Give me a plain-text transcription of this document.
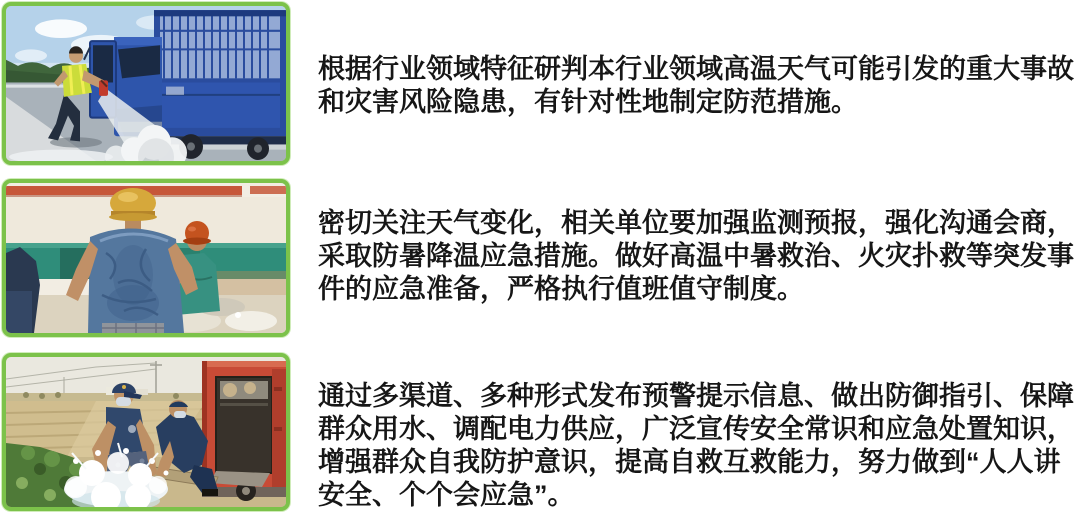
根据行业领域特征研判本行业领域高温天气可能引发的重大事故
和灾害风险隐患，有针对性地制定防范措施。
密切关注天气变化，相关单位要加强监测预报，强化沟通会商，
采取防暑降温应急措施。做好高温中暑救治、火灾扑救等突发事
件的应急准备，严格执行值班值守制度。
通过多渠道、多种形式发布预警提示信息、做出防御指引、保障
群众用水、调配电力供应，广泛宣传安全常识和应急处置知识，
增强群众自我防护意识，提高自救互救能力，努力做到“人人讲
安全、个个会应急”。
